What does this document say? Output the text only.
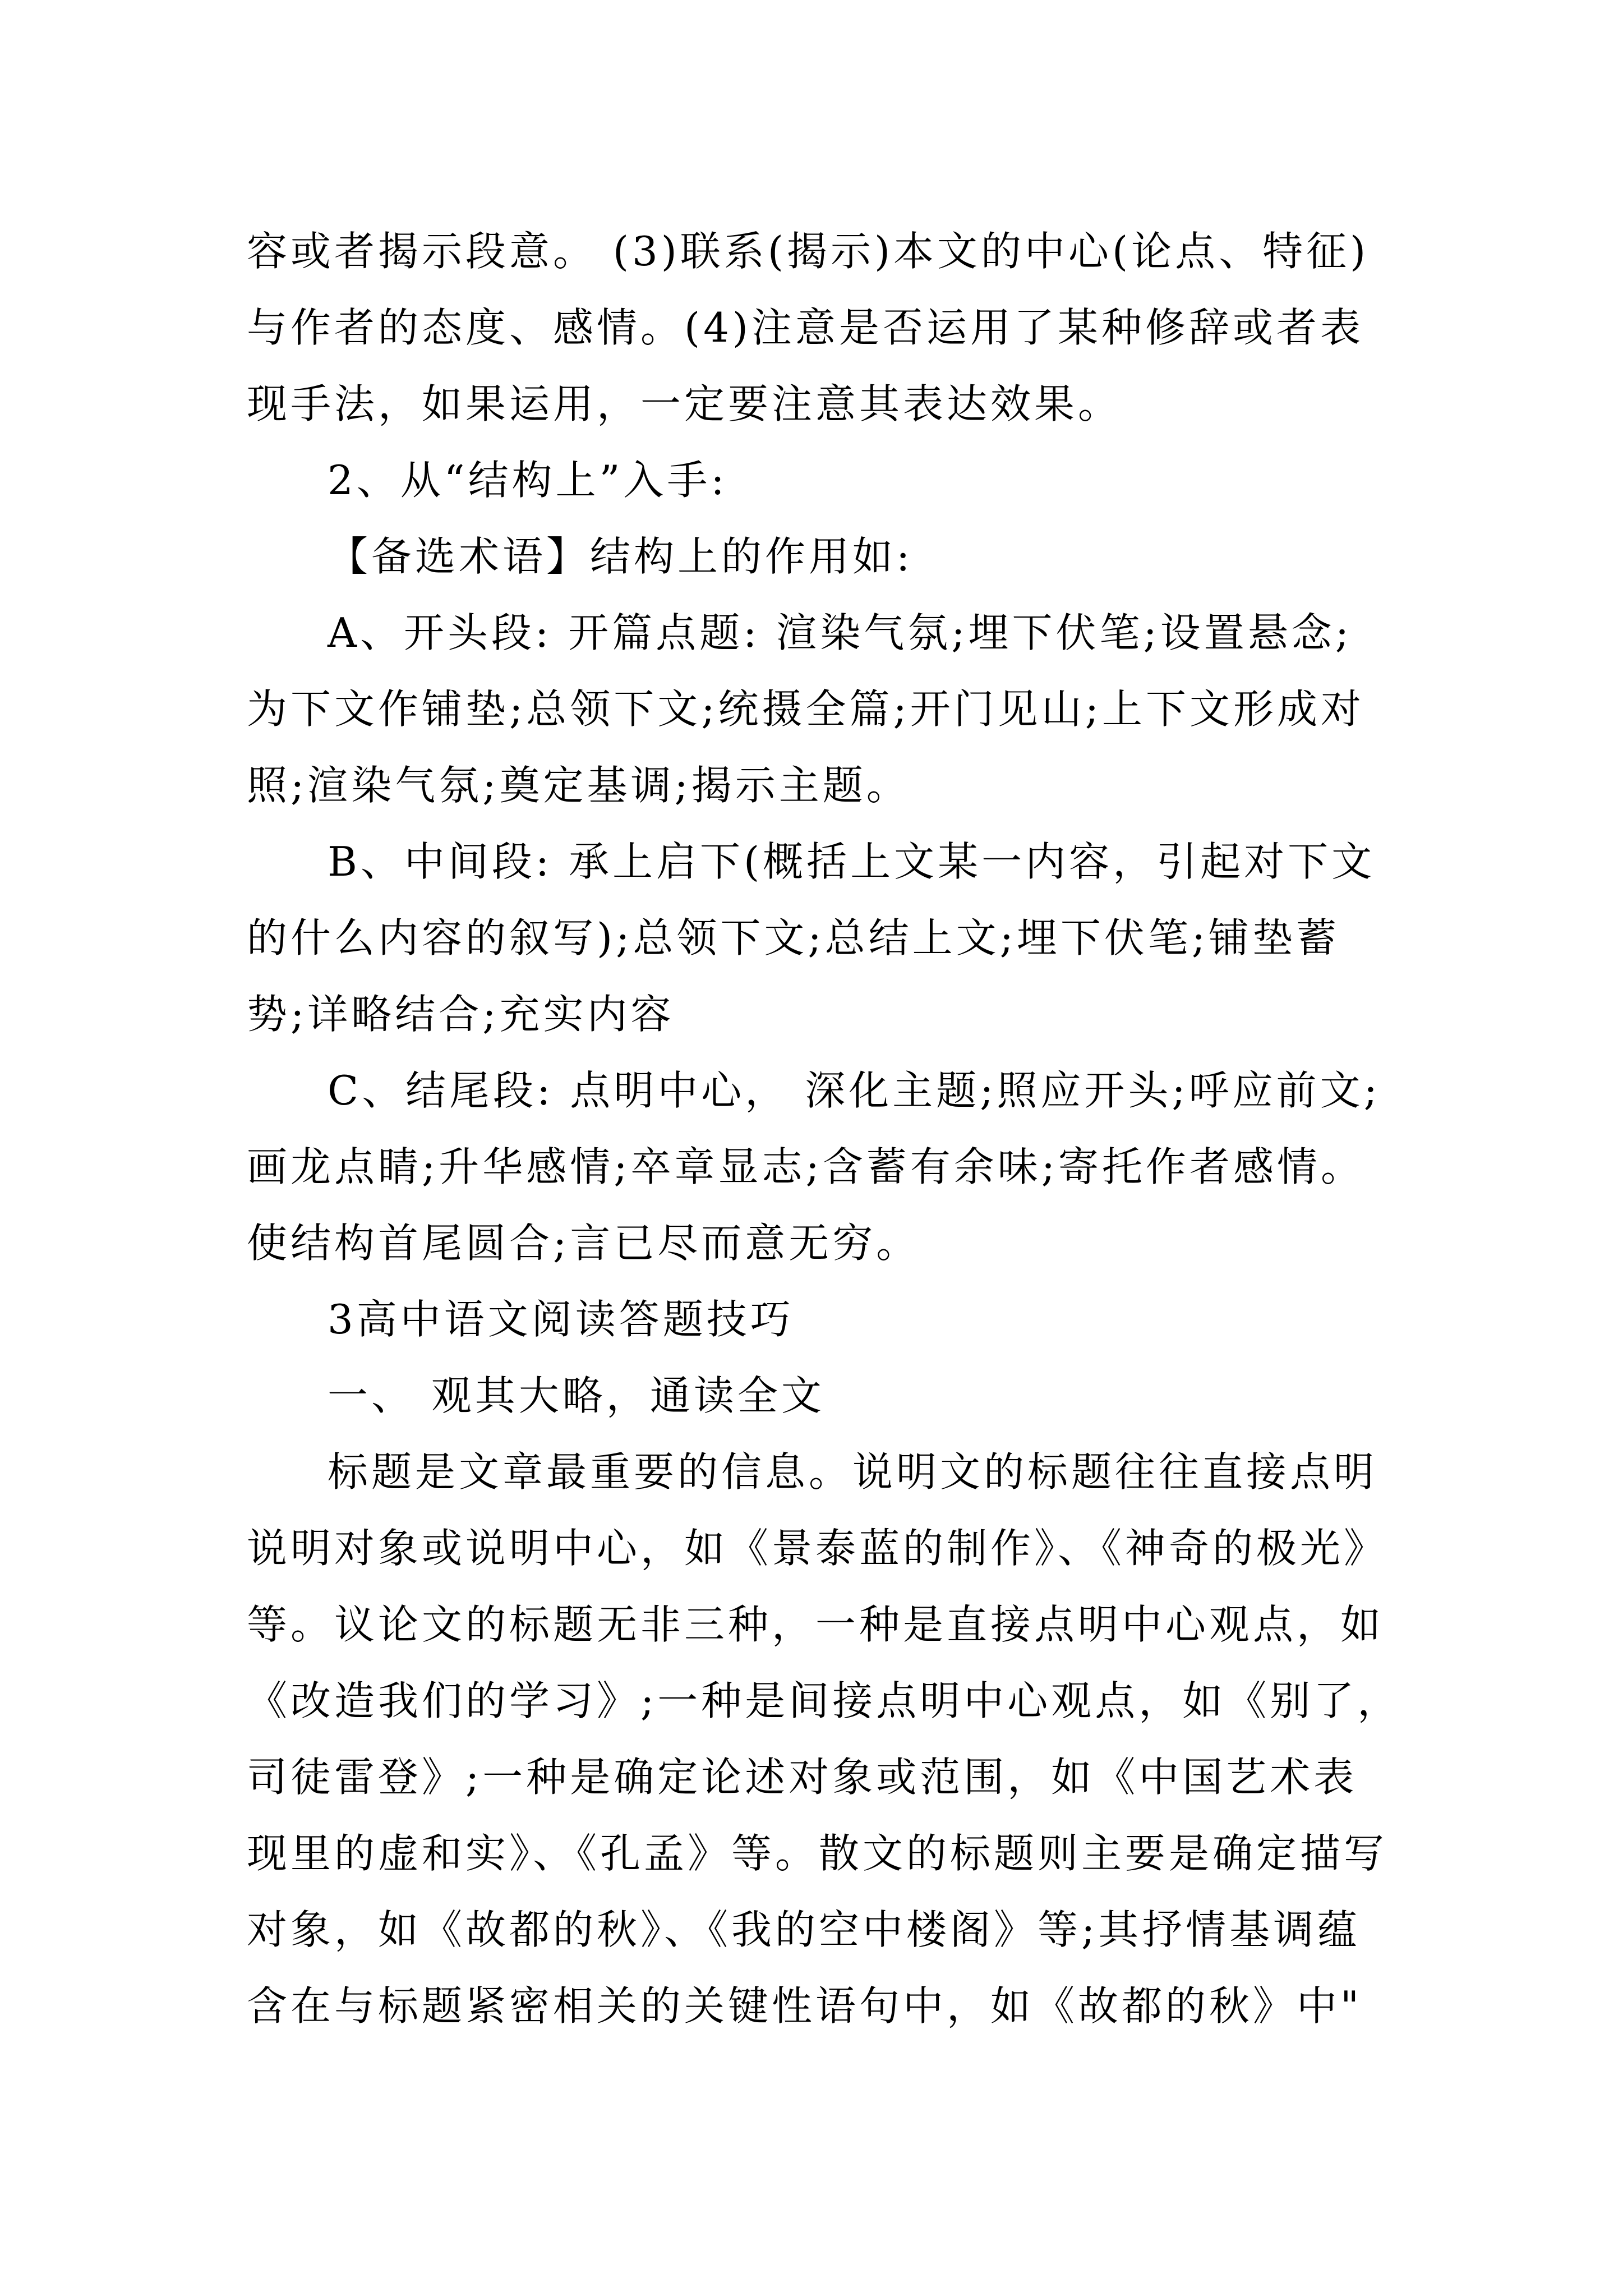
容或者揭示段意。 (3)联系(揭示)本文的中心(论点、特征)
与作者的态度、感情。(4)注意是否运用了某种修辞或者表
现手法，如果运用，一定要注意其表达效果。
2、从“结构上”入手:
【备选术语】结构上的作用如:
A、开头段: 开篇点题: 渲染气氛;埋下伏笔;设置悬念;
为下文作铺垫;总领下文;统摄全篇;开门见山;上下文形成对
照;渲染气氛;奠定基调;揭示主题。
B、中间段: 承上启下(概括上文某一内容，引起对下文
的什么内容的叙写);总领下文;总结上文;埋下伏笔;铺垫蓄
势;详略结合;充实内容
C、结尾段: 点明中心， 深化主题;照应开头;呼应前文;
画龙点睛;升华感情;卒章显志;含蓄有余味;寄托作者感情。
使结构首尾圆合;言已尽而意无穷。
3高中语文阅读答题技巧
一、 观其大略，通读全文
标题是文章最重要的信息。说明文的标题往往直接点明
说明对象或说明中心，如《景泰蓝的制作》、《神奇的极光》
等。议论文的标题无非三种，一种是直接点明中心观点，如
《改造我们的学习》;一种是间接点明中心观点，如《别了，
司徒雷登》;一种是确定论述对象或范围，如《中国艺术表
现里的虚和实》、《孔孟》等。散文的标题则主要是确定描写
对象，如《故都的秋》、《我的空中楼阁》等;其抒情基调蕴
含在与标题紧密相关的关键性语句中，如《故都的秋》中"
